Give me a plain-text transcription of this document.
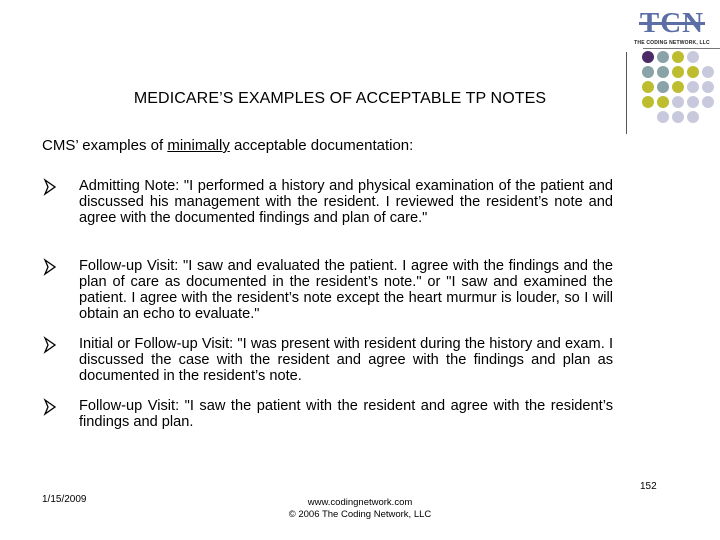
TCN
THE CODING NETWORK, LLC
MEDICARE’S EXAMPLES OF ACCEPTABLE TP NOTES
CMS’ examples of minimally acceptable documentation:
Admitting Note: "I performed a history and physical examination of the patient and discussed his management with the resident. I reviewed the resident’s note and agree with the documented findings and plan of care."
Follow-up Visit: "I saw and evaluated the patient. I agree with the findings and the plan of care as documented in the resident’s note." or "I saw and examined the patient. I agree with the resident’s note except the heart murmur is louder, so I will obtain an echo to evaluate."
Initial or Follow-up Visit: "I was present with resident during the history and exam. I discussed the case with the resident and agree with the findings and plan as documented in the resident’s note.
Follow-up Visit: "I saw the patient with the resident and agree with the resident’s findings and plan.
152
1/15/2009	www.codingnetwork.com
© 2006 The Coding Network, LLC
